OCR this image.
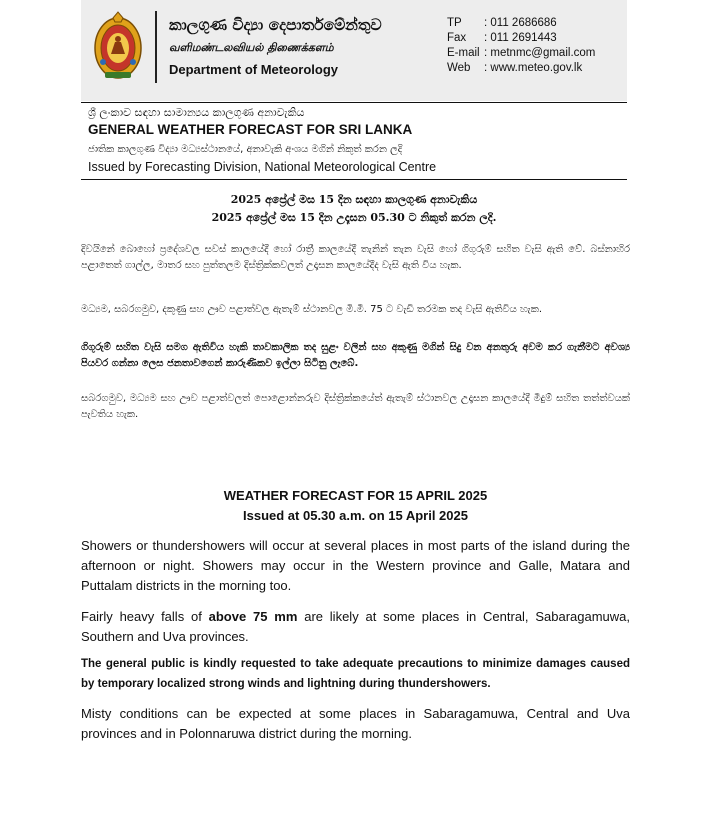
කාලගුණ විද්‍යා දෙපාර්තමේන්තුව
வளிமண்டலவியல் திணைக்களம்
Department of Meteorology
TP : 011 2686686
Fax : 011 2691443
E-mail : metnmc@gmail.com
Web : www.meteo.gov.lk
ශ්‍රී ලංකාව සඳහා සාමාන්‍යය කාලගුණ අනාවැකිය
GENERAL WEATHER FORECAST FOR SRI LANKA
ජාතික කාලගුණ විද්‍යා මධ්‍යස්ථානයේ, අනාවැකි අංශය මගින් නිකුත් කරන ලදි
Issued by Forecasting Division, National Meteorological Centre
2025 අප්‍රේල් මස 15 දින සඳහා කාලගුණ අනාවැකිය
2025 අප්‍රේල් මස 15 දින උදෑසන 05.30 ට නිකුත් කරන ලදි.
දිවයිනේ බොහෝ ප්‍රදේශවල සවස් කාලයේදී හෝ රාත්‍රී කාලයේදී තැනින් තැන වැසි හෝ ගිගුරුම් සහිත වැසි ඇති වේ. බස්නාහිර පළාතෙත් ගාල්ල, මාතර සහ පුත්තලම දිස්ත්‍රික්කවලත් උදෑසන කාලයේදීද වැසි ඇති විය හැක.
මධ්‍යම, සබරගමුව, දකුණු සහ ඌව පළාත්වල ඇතැම් ස්ථානවල මි.මී. 75 ට වැඩි තරමක තද වැසි ඇතිවිය හැක.
ගිගුරුම් සහිත වැසි සමග ඇතිවිය හැකි තාවකාලික තද සුළං වලින් සහ අකුණු මගින් සිදු වන අනතුරු අවම කර ගැනීමට අවශ්‍ය පියවර ගන්නා ලෙස ජනතාවගෙන් කාරුණිකව ඉල්ලා සිටිනු ලැබේ.
සබරගමුව, මධ්‍යම සහ ඌව පළාත්වලත් පොළොන්නරුව දිස්ත්‍රික්කයේත් ඇතැම් ස්ථානවල උදෑසන කාලයේදී මීදුම් සහිත තත්ත්වයක් පැවතිය හැක.
WEATHER FORECAST FOR 15 APRIL 2025
Issued at 05.30 a.m. on 15 April 2025
Showers or thundershowers will occur at several places in most parts of the island during the afternoon or night. Showers may occur in the Western province and Galle, Matara and Puttalam districts in the morning too.
Fairly heavy falls of above 75 mm are likely at some places in Central, Sabaragamuwa, Southern and Uva provinces.
The general public is kindly requested to take adequate precautions to minimize damages caused by temporary localized strong winds and lightning during thundershowers.
Misty conditions can be expected at some places in Sabaragamuwa, Central and Uva provinces and in Polonnaruwa district during the morning.
